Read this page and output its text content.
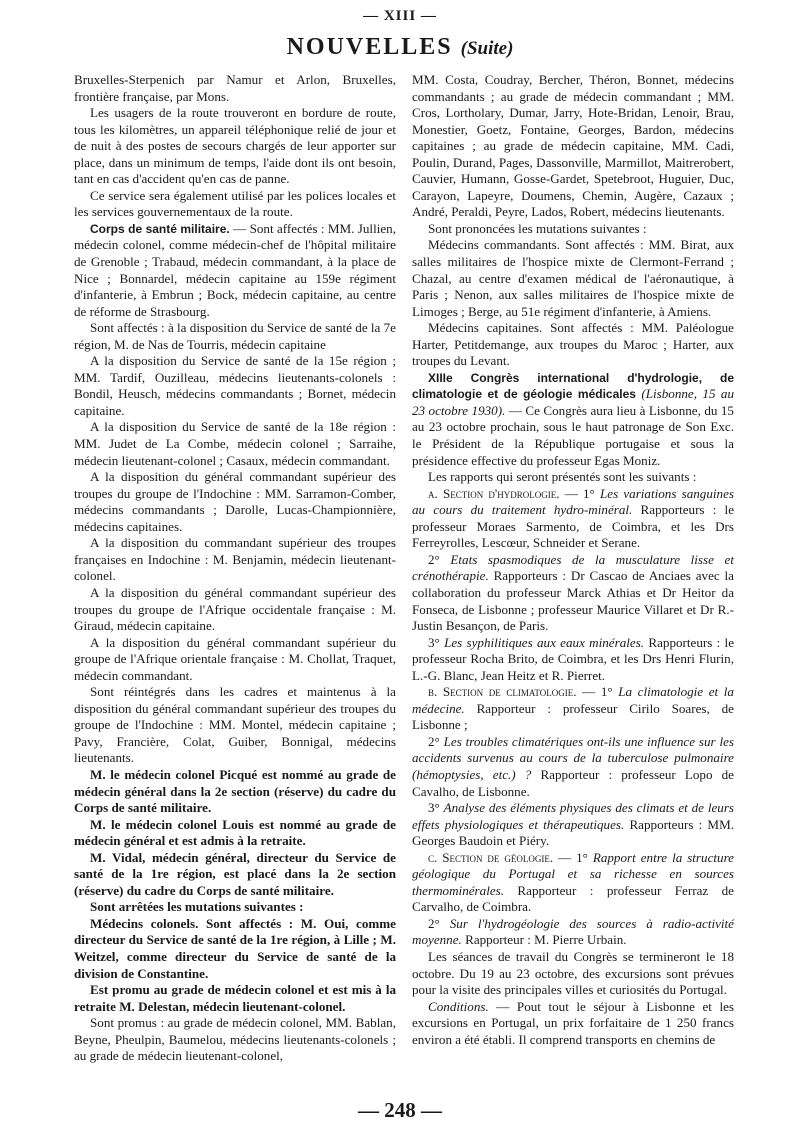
— XIII —
NOUVELLES (Suite)

Bruxelles-Sterpenich par Namur et Arlon, Bruxelles, frontière française, par Mons.

Les usagers de la route trouveront en bordure de route, tous les kilomètres, un appareil téléphonique relié de jour et de nuit à des postes de secours chargés de leur apporter sur place, dans un minimum de temps, l'aide dont ils ont besoin, tant en cas d'accident qu'en cas de panne.

Ce service sera également utilisé par les polices locales et les services gouvernementaux de la route.

Corps de santé militaire. — Sont affectés : MM. Jullien, médecin colonel, comme médecin-chef de l'hôpital militaire de Grenoble ; Trabaud, médecin commandant, à la place de Nice ; Bonnardel, médecin capitaine au 159e régiment d'infanterie, à Embrun ; Bock, médecin capitaine, au centre de réforme de Strasbourg.

Sont affectés : à la disposition du Service de santé de la 7e région, M. de Nas de Tourris, médecin capitaine

A la disposition du Service de santé de la 15e région ; MM. Tardif, Ouzilleau, médecins lieutenants-colonels : Bondil, Heusch, médecins commandants ; Bornet, médecin capitaine.

A la disposition du Service de santé de la 18e région : MM. Judet de La Combe, médecin colonel ; Sarraihe, médecin lieutenant-colonel ; Casaux, médecin commandant.

A la disposition du général commandant supérieur des troupes du groupe de l'Indochine : MM. Sarramon-Comber, médecins commandants ; Darolle, Lucas-Championnière, médecins capitaines.

A la disposition du commandant supérieur des troupes françaises en Indochine : M. Benjamin, médecin lieutenant-colonel.

A la disposition du général commandant supérieur des troupes du groupe de l'Afrique occidentale française : M. Giraud, médecin capitaine.

A la disposition du général commandant supérieur du groupe de l'Afrique orientale française : M. Chollat, Traquet, médecin commandant.

Sont réintégrés dans les cadres et maintenus à la disposition du général commandant supérieur des troupes du groupe de l'Indochine : MM. Montel, médecin capitaine ; Pavy, Francière, Colat, Guiber, Bonnigal, médecins lieutenants.

M. le médecin colonel Picqué est nommé au grade de médecin général dans la 2e section (réserve) du cadre du Corps de santé militaire.

M. le médecin colonel Louis est nommé au grade de médecin général et est admis à la retraite.

M. Vidal, médecin général, directeur du Service de santé de la 1re région, est placé dans la 2e section (réserve) du cadre du Corps de santé militaire.

Sont arrêtées les mutations suivantes :

Médecins colonels. Sont affectés : M. Oui, comme directeur du Service de santé de la 1re région, à Lille ; M. Weitzel, comme directeur du Service de santé de la division de Constantine.

Est promu au grade de médecin colonel et est mis à la retraite M. Delestan, médecin lieutenant-colonel.

Sont promus : au grade de médecin colonel, MM. Bablan, Beyne, Pheulpin, Baumelou, médecins lieutenants-colonels ; au grade de médecin lieutenant-colonel,

MM. Costa, Coudray, Bercher, Théron, Bonnet, médecins commandants ; au grade de médecin commandant ; MM. Cros, Lortholary, Dumar, Jarry, Hote-Bridan, Lenoir, Brau, Monestier, Goetz, Fontaine, Georges, Bardon, médecins capitaines ; au grade de médecin capitaine, MM. Cadi, Poulin, Durand, Pages, Dassonville, Marmillot, Maitrerobert, Cauvier, Humann, Gosse-Gardet, Spetebroot, Huguier, Duc, Carayon, Lapeyre, Doumens, Chemin, Augère, Cazaux ; André, Peraldi, Peyre, Lados, Robert, médecins lieutenants.

Sont prononcées les mutations suivantes :

Médecins commandants. Sont affectés : MM. Birat, aux salles militaires de l'hospice mixte de Clermont-Ferrand ; Chazal, au centre d'examen médical de l'aéronautique, à Paris ; Nenon, aux salles militaires de l'hospice mixte de Limoges ; Berge, au 51e régiment d'infanterie, à Amiens.

Médecins capitaines. Sont affectés : MM. Paléologue Harter, Petitdemange, aux troupes du Maroc ; Harter, aux troupes du Levant.

XIIIe Congrès international d'hydrologie, de climatologie et de géologie médicales (Lisbonne, 15 au 23 octobre 1930). — Ce Congrès aura lieu à Lisbonne, du 15 au 23 octobre prochain, sous le haut patronage de Son Exc. le Président de la République portugaise et sous la présidence effective du professeur Egas Moniz.

Les rapports qui seront présentés sont les suivants :

a. Section d'hydrologie. — 1° Les variations sanguines au cours du traitement hydro-minéral. Rapporteurs : le professeur Moraes Sarmento, de Coimbra, et les Drs Ferreyrolles, Lescœur, Schneider et Serane.

2° Etats spasmodiques de la musculature lisse et crénothérapie. Rapporteurs : Dr Cascao de Anciaes avec la collaboration du professeur Marck Athias et Dr Heitor da Fonseca, de Lisbonne ; professeur Maurice Villaret et Dr R.-Justin Besançon, de Paris.

3° Les syphilitiques aux eaux minérales. Rapporteurs : le professeur Rocha Brito, de Coimbra, et les Drs Henri Flurin, L.-G. Blanc, Jean Heitz et R. Pierret.

b. Section de climatologie. — 1° La climatologie et la médecine. Rapporteur : professeur Cirilo Soares, de Lisbonne ;

2° Les troubles climatériques ont-ils une influence sur les accidents survenus au cours de la tuberculose pulmonaire (hémoptysies, etc.) ? Rapporteur : professeur Lopo de Cavalho, de Lisbonne.

3° Analyse des éléments physiques des climats et de leurs effets physiologiques et thérapeutiques. Rapporteurs : MM. Georges Baudoin et Piéry.

c. Section de géologie. — 1° Rapport entre la structure géologique du Portugal et sa richesse en sources thermominérales. Rapporteur : professeur Ferraz de Carvalho, de Coimbra.

2° Sur l'hydrogéologie des sources à radio-activité moyenne. Rapporteur : M. Pierre Urbain.

Les séances de travail du Congrès se termineront le 18 octobre. Du 19 au 23 octobre, des excursions sont prévues pour la visite des principales villes et curiosités du Portugal.

Conditions. — Pout tout le séjour à Lisbonne et les excursions en Portugal, un prix forfaitaire de 1 250 francs environ a été établi. Il comprend transports en chemins de

— 248 —
